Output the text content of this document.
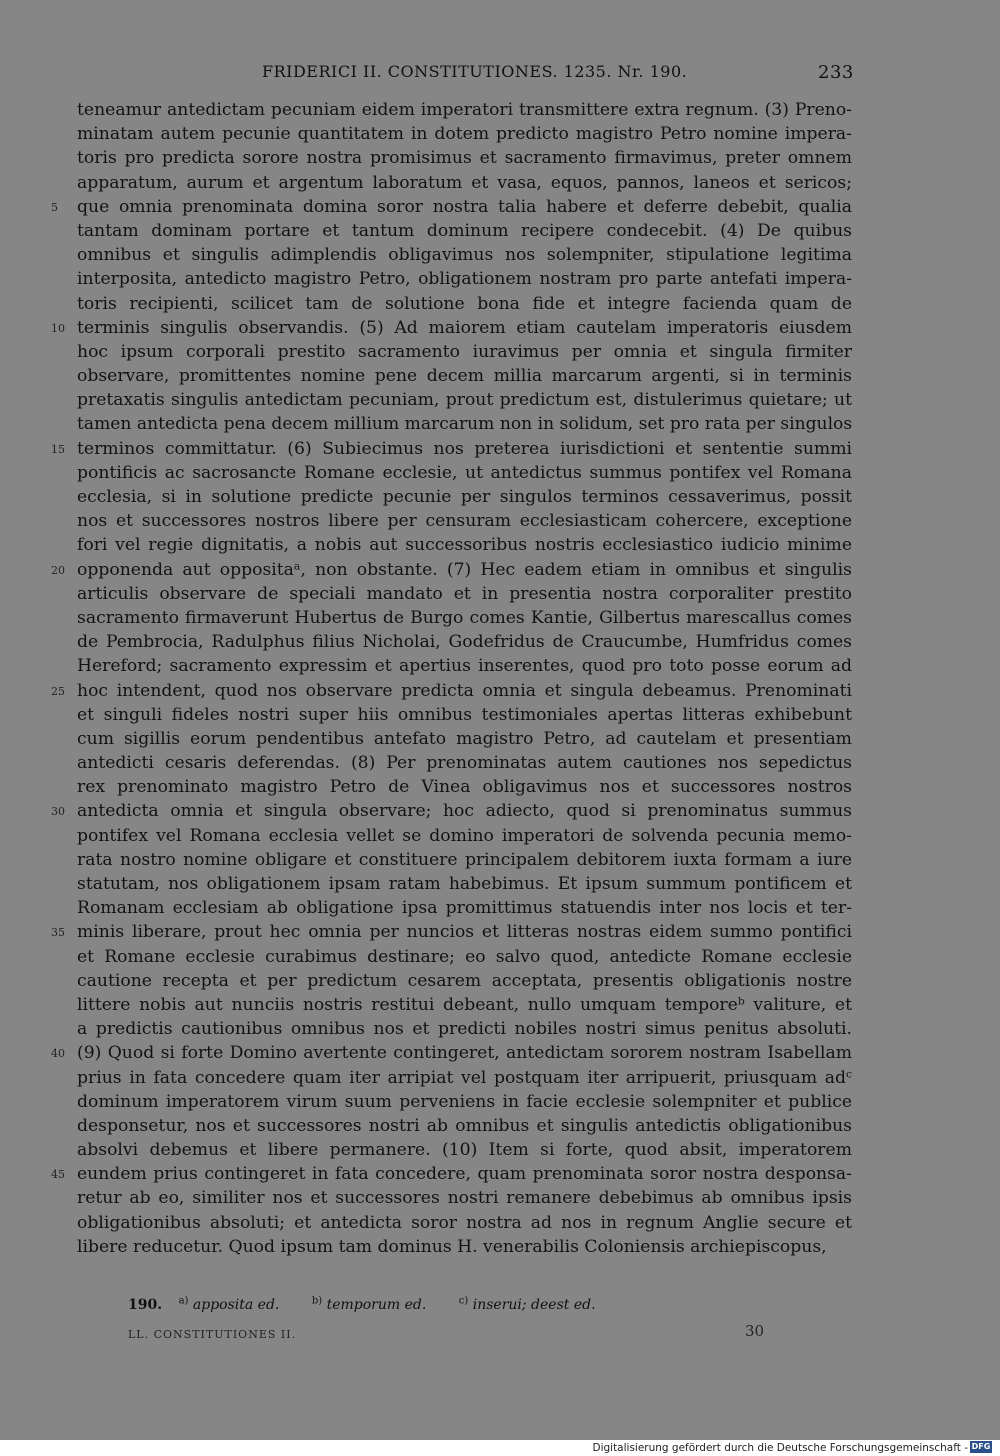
FRIDERICI II. CONSTITUTIONES. 1235. Nr. 190.	233
teneamur antedictam pecuniam eidem imperatori transmittere extra regnum. (3) Preno-
minatam autem pecunie quantitatem in dotem predicto magistro Petro nomine impera-
toris pro predicta sorore nostra promisimus et sacramento firmavimus, preter omnem
apparatum, aurum et argentum laboratum et vasa, equos, pannos, laneos et sericos;
5	que omnia prenominata domina soror nostra talia habere et deferre debebit, qualia
tantam dominam portare et tantum dominum recipere condecebit. (4) De quibus
omnibus et singulis adimplendis obligavimus nos solempniter, stipulatione legitima
interposita, antedicto magistro Petro, obligationem nostram pro parte antefati impera-
toris recipienti, scilicet tam de solutione bona fide et integre facienda quam de
10 terminis singulis observandis. (5) Ad maiorem etiam cautelam imperatoris eiusdem
hoc ipsum corporali prestito sacramento iuravimus per omnia et singula firmiter
observare, promittentes nomine pene decem millia marcarum argenti, si in terminis
pretaxatis singulis antedictam pecuniam, prout predictum est, distulerimus quietare; ut
tamen antedicta pena decem millium marcarum non in solidum, set pro rata per singulos
15 terminos committatur. (6) Subiecimus nos preterea iurisdictioni et sententie summi
pontificis ac sacrosancte Romane ecclesie, ut antedictus summus pontifex vel Romana
ecclesia, si in solutione predicte pecunie per singulos terminos cessaverimus, possit
nos et successores nostros libere per censuram ecclesiasticam cohercere, exceptione
fori vel regie dignitatis, a nobis aut successoribus nostris ecclesiastico iudicio minime
20 opponenda aut oppositaᵃ, non obstante. (7) Hec eadem etiam in omnibus et singulis
articulis observare de speciali mandato et in presentia nostra corporaliter prestito
sacramento firmaverunt Hubertus de Burgo comes Kantie, Gilbertus marescallus comes
de Pembrocia, Radulphus filius Nicholai, Godefridus de Craucumbe, Humfridus comes
Hereford; sacramento expressim et apertius inserentes, quod pro toto posse eorum ad
25 hoc intendent, quod nos observare predicta omnia et singula debeamus. Prenominati
et singuli fideles nostri super hiis omnibus testimoniales apertas litteras exhibebunt
cum sigillis eorum pendentibus antefato magistro Petro, ad cautelam et presentiam
antedicti cesaris deferendas. (8) Per prenominatas autem cautiones nos sepedictus
rex prenominato magistro Petro de Vinea obligavimus nos et successores nostros
30 antedicta omnia et singula observare; hoc adiecto, quod si prenominatus summus
pontifex vel Romana ecclesia vellet se domino imperatori de solvenda pecunia memo-
rata nostro nomine obligare et constituere principalem debitorem iuxta formam a iure
statutam, nos obligationem ipsam ratam habebimus. Et ipsum summum pontificem et
Romanam ecclesiam ab obligatione ipsa promittimus statuendis inter nos locis et ter-
35 minis liberare, prout hec omnia per nuncios et litteras nostras eidem summo pontifici
et Romane ecclesie curabimus destinare; eo salvo quod, antedicte Romane ecclesie
cautione recepta et per predictum cesarem acceptata, presentis obligationis nostre
littere nobis aut nunciis nostris restitui debeant, nullo umquam temporeᵇ valiture, et
a predictis cautionibus omnibus nos et predicti nobiles nostri simus penitus absoluti.
40 (9) Quod si forte Domino avertente contingeret, antedictam sororem nostram Isabellam
prius in fata concedere quam iter arripiat vel postquam iter arripuerit, priusquam adᶜ
dominum imperatorem virum suum perveniens in facie ecclesie solempniter et publice
desponsetur, nos et successores nostri ab omnibus et singulis antedictis obligationibus
absolvi debemus et libere permanere. (10) Item si forte, quod absit, imperatorem
45 eundem prius contingeret in fata concedere, quam prenominata soror nostra desponsa-
retur ab eo, similiter nos et successores nostri remanere debebimus ab omnibus ipsis
obligationibus absoluti; et antedicta soror nostra ad nos in regnum Anglie secure et
libere reducetur. Quod ipsum tam dominus H. venerabilis Coloniensis archiepiscopus,
190. $^{a)}$ apposita ed.	$^{b)}$ temporum ed.	$^{c)}$ inserui; deest ed.
LL. CONSTITUTIONES II.	30
Digitalisierung gefördert durch die Deutsche Forschungsgemeinschaft - DFG
